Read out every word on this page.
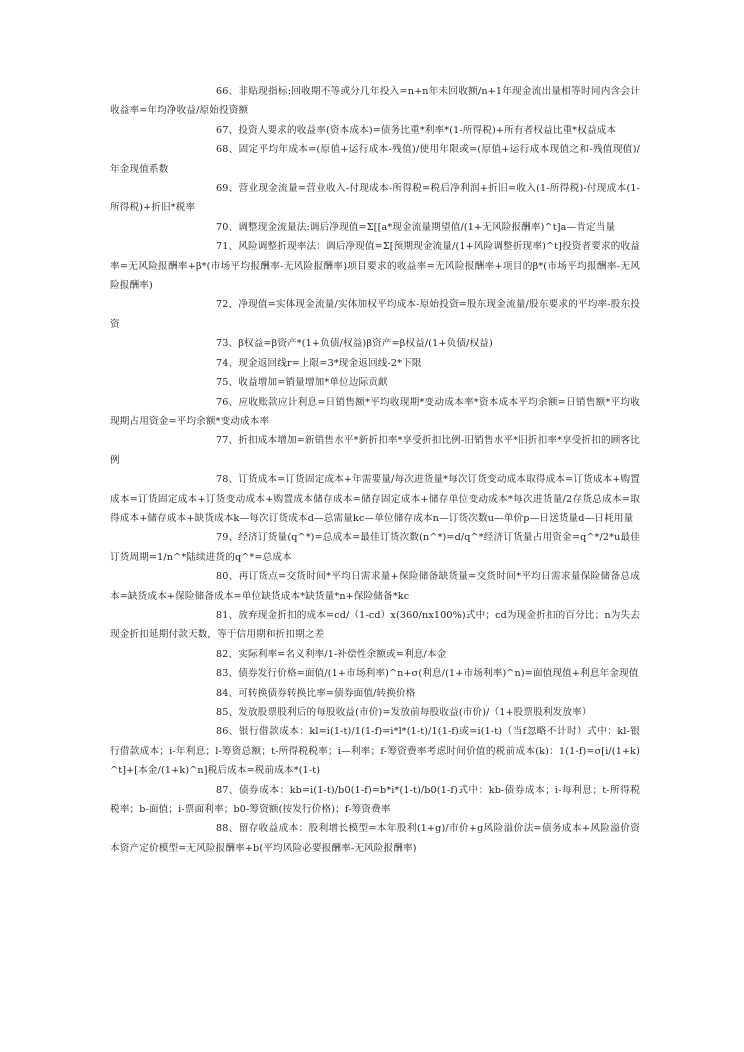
66、非贴现指标:回收期不等或分几年投入=n+n年未回收额/n+1年现金流出量相等时同内含会计收益率=年均净收益/原始投资额

67、投资人要求的收益率(资本成本)=债务比重*利率*(1-所得税)+所有者权益比重*权益成本

68、固定平均年成本=(原值+运行成本-残值)/使用年限或=(原值+运行成本现值之和-残值现值)/年金现值系数

69、营业现金流量=营业收入-付现成本-所得税=税后净利润+折旧=收入(1-所得税)-付现成本(1-所得税)+折旧*税率

70、调整现金流量法:调后净现值=Σ[[a*现金流量期望值/(1+无风险报酬率)^t]a—肯定当量

71、风险调整折现率法：调后净现值=Σ[预期现金流量/(1+风险调整折现率)^t]投资者要求的收益率=无风险报酬率+β*(市场平均报酬率-无风险报酬率)项目要求的收益率=无风险报酬率+项目的β*(市场平均报酬率-无风险报酬率)

72、净现值=实体现金流量/实体加权平均成本-原始投资=股东现金流量/股东要求的平均率-股东投资

73、β权益=β资产*(1+负债/权益)β资产=β权益/(1+负债/权益)

74、现金返回线r=上限=3*现金返回线-2*下限

75、收益增加=销量增加*单位边际贡献

76、应收账款应计利息=日销售额*平均收现期*变动成本率*资本成本平均余额=日销售额*平均收现期占用资金=平均余额*变动成本率

77、折扣成本增加=新销售水平*新折扣率*享受折扣比例-旧销售水平*旧折扣率*享受折扣的顾客比例

78、订货成本=订货固定成本+年需要量/每次进货量*每次订货变动成本取得成本=订货成本+购置成本=订货固定成本+订货变动成本+购置成本储存成本=储存固定成本+储存单位变动成本*每次进货量/2存货总成本=取得成本+储存成本+缺货成本k—每次订货成本d—总需量kc—单位储存成本n—订货次数u—单价p—日送货量d—日耗用量

79、经济订货量(q^*)=总成本=最佳订货次数(n^*)=d/q^*经济订货量占用资金=q^*/2*u最佳订货周期=1/n^*陆续进货的q^*=总成本

80、再订货点=交货时间*平均日需求量+保险储备缺货量=交货时间*平均日需求量保险储备总成本=缺货成本+保险储备成本=单位缺货成本*缺货量*n+保险储备*kc

81、放弃现金折扣的成本=cd/（1-cd）x(360/nx100%)式中；cd为现金折扣的百分比；n为失去现金折扣延期付款天数，等于信用期和折扣期之差

82、实际利率=名义利率/1-补偿性余额或=利息/本金

83、债券发行价格=面值/(1+市场利率)^n+σ(利息/(1+市场利率)^n)=面值现值+利息年金现值

84、可转换债券转换比率=债券面值/转换价格

85、发放股票股利后的每股收益(市价)=发放前每股收益(市价)/（1+股票股利发放率）

86、银行借款成本：kl=i(1-t)/1(1-f)=i*l*(1-t)/1(1-f)或=i(1-t)（当f忽略不计时）式中：kl-银行借款成本；i-年利息；l-筹资总额；t-所得税税率；i—利率；f-筹资费率考虑时间价值的税前成本(k)：1(1-f)=σ[i/(1+k)^t]+[本金/(1+k)^n]税后成本=税前成本*(1-t)

87、债券成本：kb=i(1-t)/b0(1-f)=b*i*(1-t)/b0(1-f)式中：kb-债券成本；i-每利息；t-所得税税率；b-面值；i-票面利率；b0-筹资额(按发行价格)；f-筹资费率

88、留存收益成本：股利增长模型=本年股利(1+g)/市价+g风险溢价法=债务成本+风险溢价资本资产定价模型=无风险报酬率+b(平均风险必要报酬率-无风险报酬率)
